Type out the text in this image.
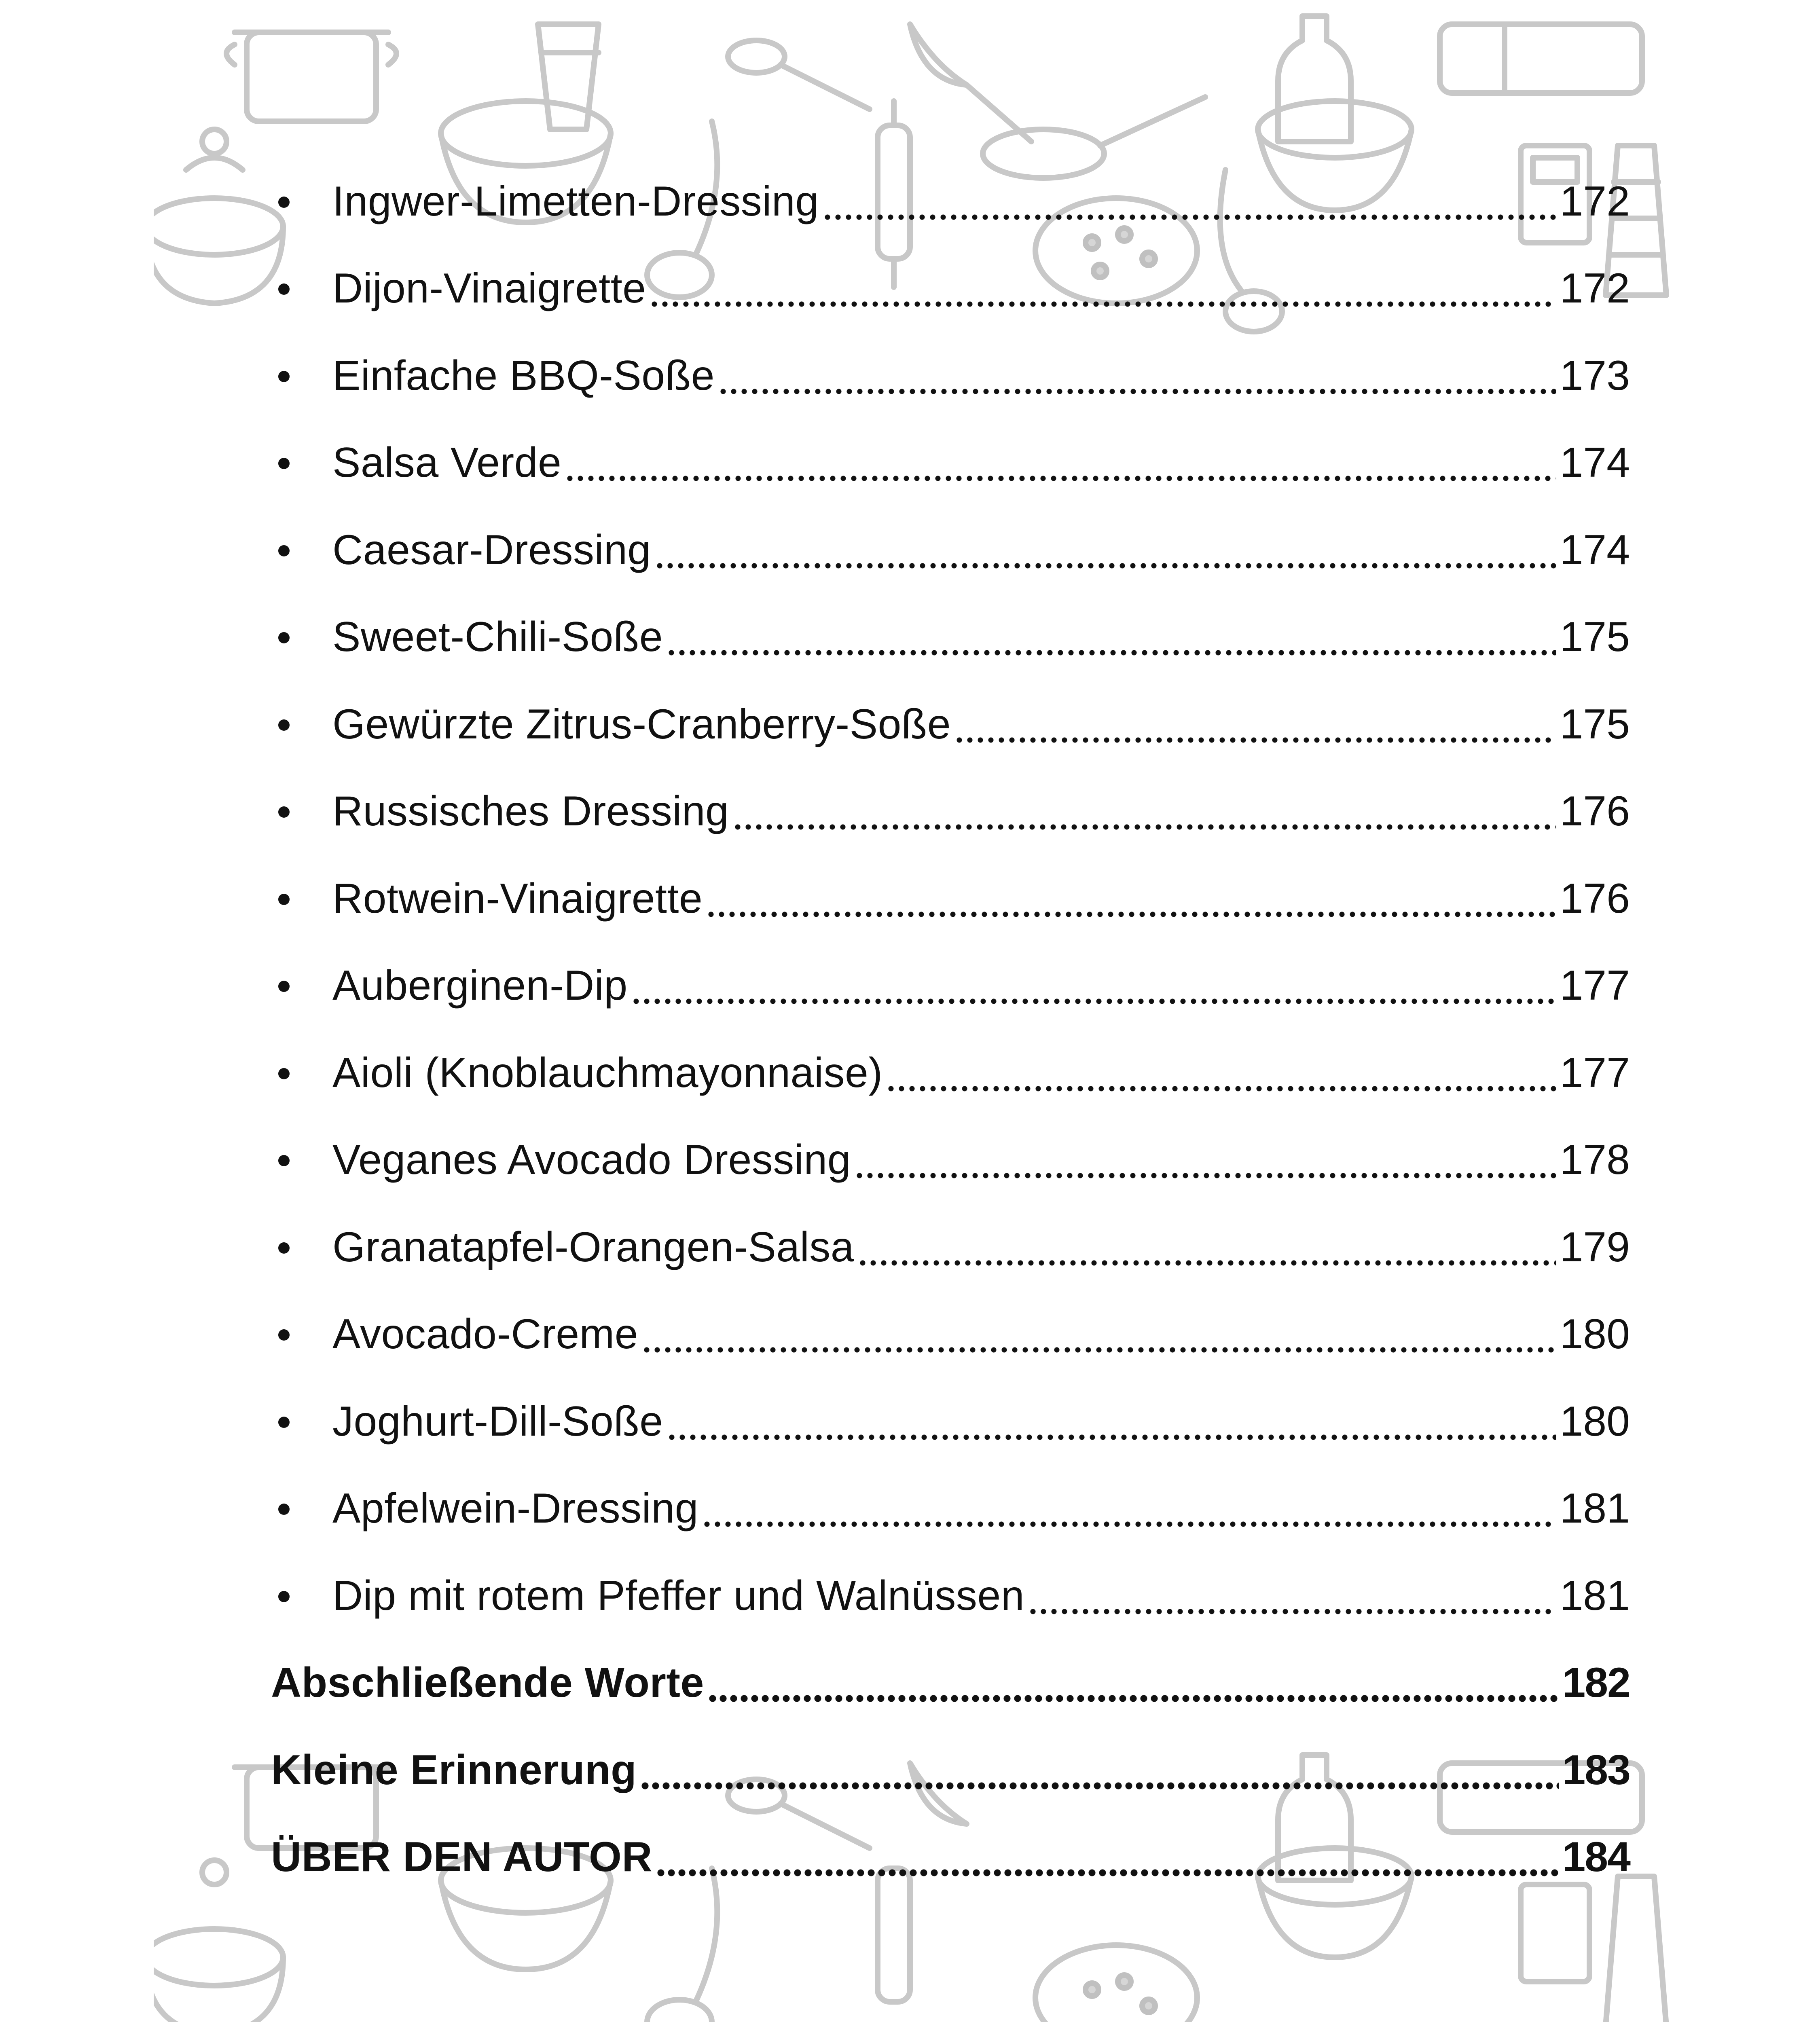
Ingwer-Limetten-Dressing	172
Dijon-Vinaigrette	172
Einfache BBQ-Soße	173
Salsa Verde	174
Caesar-Dressing	174
Sweet-Chili-Soße	175
Gewürzte Zitrus-Cranberry-Soße	175
Russisches Dressing	176
Rotwein-Vinaigrette	176
Auberginen-Dip	177
Aioli (Knoblauchmayonnaise)	177
Veganes Avocado Dressing	178
Granatapfel-Orangen-Salsa	179
Avocado-Creme	180
Joghurt-Dill-Soße	180
Apfelwein-Dressing	181
Dip mit rotem Pfeffer und Walnüssen	181
Abschließende Worte	182
Kleine Erinnerung	183
ÜBER DEN AUTOR	184
